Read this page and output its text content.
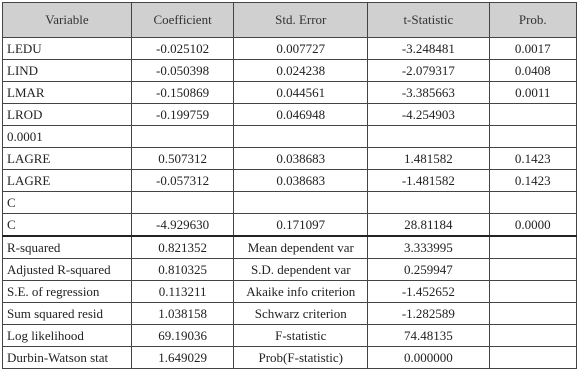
Variable	Coefficient	Std. Error	t-Statistic	Prob.
LEDU	-0.025102	0.007727	-3.248481	0.0017
LIND	-0.050398	0.024238	-2.079317	0.0408
LMAR	-0.150869	0.044561	-3.385663	0.0011
LROD	-0.199759	0.046948	-4.254903	
0.0001				
LAGRE	0.507312	0.038683	1.481582	0.1423
LAGRE	-0.057312	0.038683	-1.481582	0.1423
C				
C	-4.929630	0.171097	28.81184	0.0000
R-squared	0.821352	Mean dependent var	3.333995	
Adjusted R-squared	0.810325	S.D. dependent var	0.259947	
S.E. of regression	0.113211	Akaike info criterion	-1.452652	
Sum squared resid	1.038158	Schwarz criterion	-1.282589	
Log likelihood	69.19036	F-statistic	74.48135	
Durbin-Watson stat	1.649029	Prob(F-statistic)	0.000000	
